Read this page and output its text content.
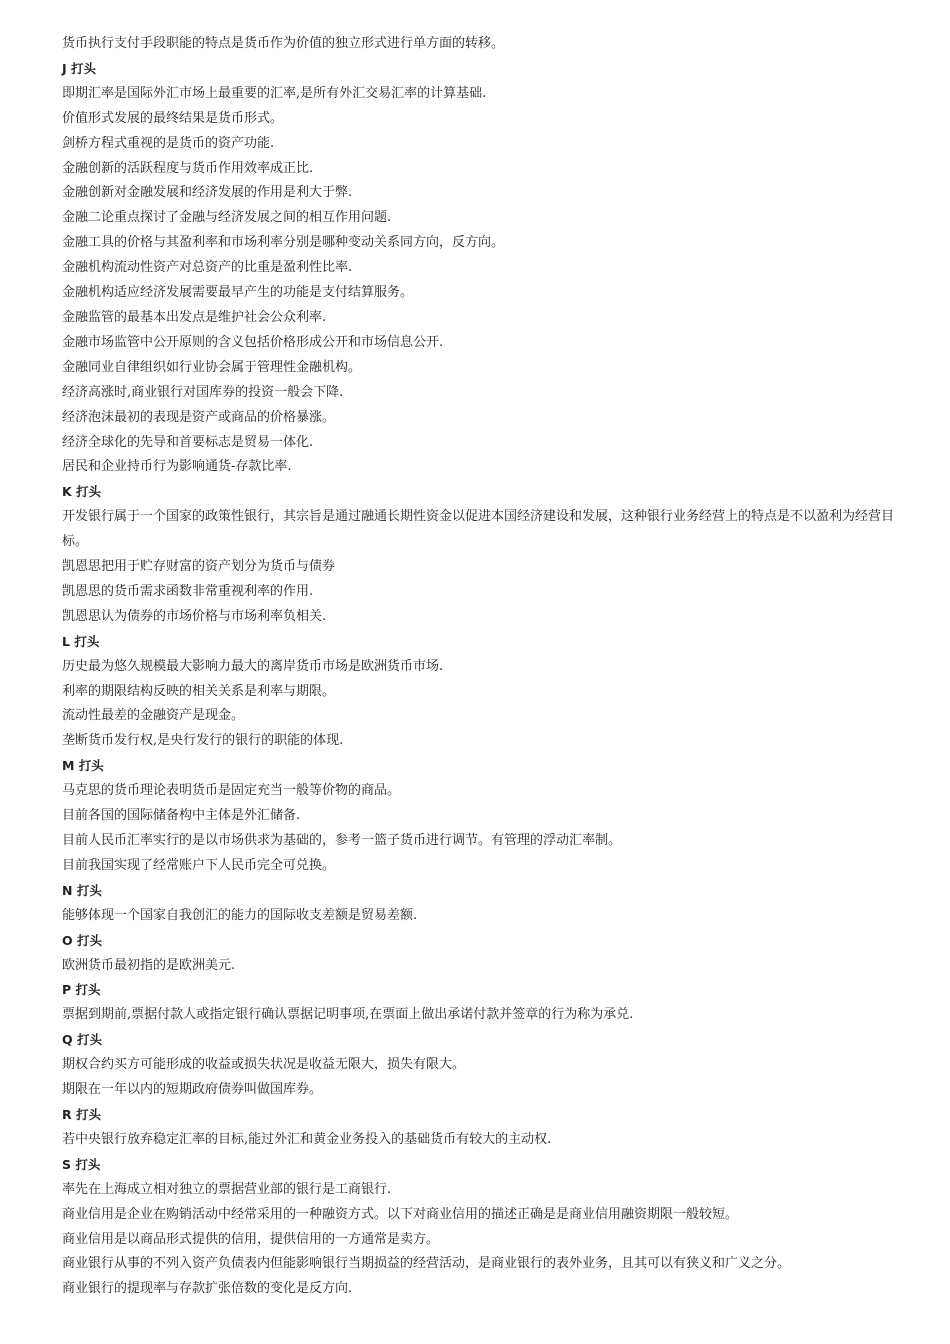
货币执行支付手段职能的特点是货币作为价值的独立形式进行单方面的转移。

J 打头

即期汇率是国际外汇市场上最重要的汇率,是所有外汇交易汇率的计算基础.

价值形式发展的最终结果是货币形式。

剑桥方程式重视的是货币的资产功能.

金融创新的活跃程度与货币作用效率成正比.

金融创新对金融发展和经济发展的作用是利大于弊.

金融二论重点探讨了金融与经济发展之间的相互作用问题.

金融工具的价格与其盈利率和市场利率分别是哪种变动关系同方向，反方向。

金融机构流动性资产对总资产的比重是盈利性比率.

金融机构适应经济发展需要最早产生的功能是支付结算服务。

金融监管的最基本出发点是维护社会公众利率.

金融市场监管中公开原则的含义包括价格形成公开和市场信息公开.

金融同业自律组织如行业协会属于管理性金融机构。

经济高涨时,商业银行对国库券的投资一般会下降.

经济泡沫最初的表现是资产或商品的价格暴涨。

经济全球化的先导和首要标志是贸易一体化.

居民和企业持币行为影响通货-存款比率.

K 打头

开发银行属于一个国家的政策性银行，其宗旨是通过融通长期性资金以促进本国经济建设和发展，这种银行业务经营上的特点是不以盈利为经营目标。

凯恩思把用于贮存财富的资产划分为货币与债券

凯恩思的货币需求函数非常重视利率的作用.

凯恩思认为债券的市场价格与市场利率负相关.

L 打头

历史最为悠久规模最大影响力最大的离岸货币市场是欧洲货币市场.

利率的期限结构反映的相关关系是利率与期限。

流动性最差的金融资产是现金。

垄断货币发行权,是央行发行的银行的职能的体现.

M 打头

马克思的货币理论表明货币是固定充当一般等价物的商品。

目前各国的国际储备构中主体是外汇储备.

目前人民币汇率实行的是以市场供求为基础的，参考一篮子货币进行调节。有管理的浮动汇率制。

目前我国实现了经常账户下人民币完全可兑换。

N 打头

能够体现一个国家自我创汇的能力的国际收支差额是贸易差额.

O 打头

欧洲货币最初指的是欧洲美元.

P 打头

票据到期前,票据付款人或指定银行确认票据记明事项,在票面上做出承诺付款并签章的行为称为承兑.

Q 打头

期权合约买方可能形成的收益或损失状况是收益无限大，损失有限大。

期限在一年以内的短期政府债券叫做国库券。

R 打头

若中央银行放弃稳定汇率的目标,能过外汇和黄金业务投入的基础货币有较大的主动权.

S 打头

率先在上海成立相对独立的票据营业部的银行是工商银行.

商业信用是企业在购销活动中经常采用的一种融资方式。以下对商业信用的描述正确是是商业信用融资期限一般较短。

商业信用是以商品形式提供的信用，提供信用的一方通常是卖方。

商业银行从事的不列入资产负债表内但能影响银行当期损益的经营活动，是商业银行的表外业务，且其可以有狭义和广义之分。

商业银行的提现率与存款扩张倍数的变化是反方向.
